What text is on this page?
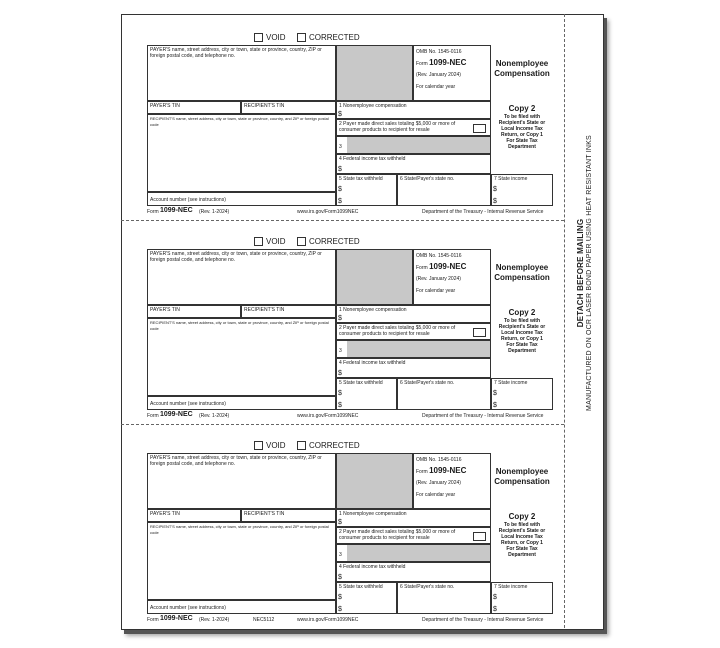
DETACH BEFORE MAILING MANUFACTURED ON OCR LASER BOND PAPER USING HEAT RESISTANT INKS
VOID	CORRECTED
PAYER'S name, street address, city or town, state or province, country, ZIP or foreign postal code, and telephone no.
OMB No. 1545-0116
Form 1099-NEC
(Rev. January 2024)
For calendar year
Nonemployee
Compensation
PAYER'S TIN	RECIPIENT'S TIN	1 Nonemployee compensation
$
RECIPIENT'S name, street address, city or town, state or province, country, and ZIP or foreign postal code	2 Payer made direct sales totaling $5,000 or more of consumer products to recipient for resale
3
4 Federal income tax withheld
$
5 State tax withheld
$
$
6 State/Payer's state no.	7 State income
$
$
Account number (see instructions)
Copy 2
To be filed with
Recipient's State or
Local Income Tax
Return, or Copy 1
For State Tax
Department
Form 1099-NEC (Rev. 1-2024)	www.irs.gov/Form1099NEC	Department of the Treasury - Internal Revenue Service
VOID	CORRECTED
PAYER'S name, street address, city or town, state or province, country, ZIP or foreign postal code, and telephone no.
OMB No. 1545-0116
Form 1099-NEC
(Rev. January 2024)
For calendar year
Nonemployee
Compensation
PAYER'S TIN	RECIPIENT'S TIN	1 Nonemployee compensation
$
RECIPIENT'S name, street address, city or town, state or province, country, and ZIP or foreign postal code	2 Payer made direct sales totaling $5,000 or more of consumer products to recipient for resale
3
4 Federal income tax withheld
$
5 State tax withheld
$
$
6 State/Payer's state no.	7 State income
$
$
Account number (see instructions)
Copy 2
To be filed with
Recipient's State or
Local Income Tax
Return, or Copy 1
For State Tax
Department
Form 1099-NEC (Rev. 1-2024)	www.irs.gov/Form1099NEC	Department of the Treasury - Internal Revenue Service
VOID	CORRECTED
PAYER'S name, street address, city or town, state or province, country, ZIP or foreign postal code, and telephone no.
OMB No. 1545-0116
Form 1099-NEC
(Rev. January 2024)
For calendar year
Nonemployee
Compensation
PAYER'S TIN	RECIPIENT'S TIN	1 Nonemployee compensation
$
RECIPIENT'S name, street address, city or town, state or province, country, and ZIP or foreign postal code	2 Payer made direct sales totaling $5,000 or more of consumer products to recipient for resale
3
4 Federal income tax withheld
$
5 State tax withheld
$
$
6 State/Payer's state no.	7 State income
$
$
Account number (see instructions)
Copy 2
To be filed with
Recipient's State or
Local Income Tax
Return, or Copy 1
For State Tax
Department
Form 1099-NEC (Rev. 1-2024)	www.irs.gov/Form1099NEC	Department of the Treasury - Internal Revenue Service
NEC5112
